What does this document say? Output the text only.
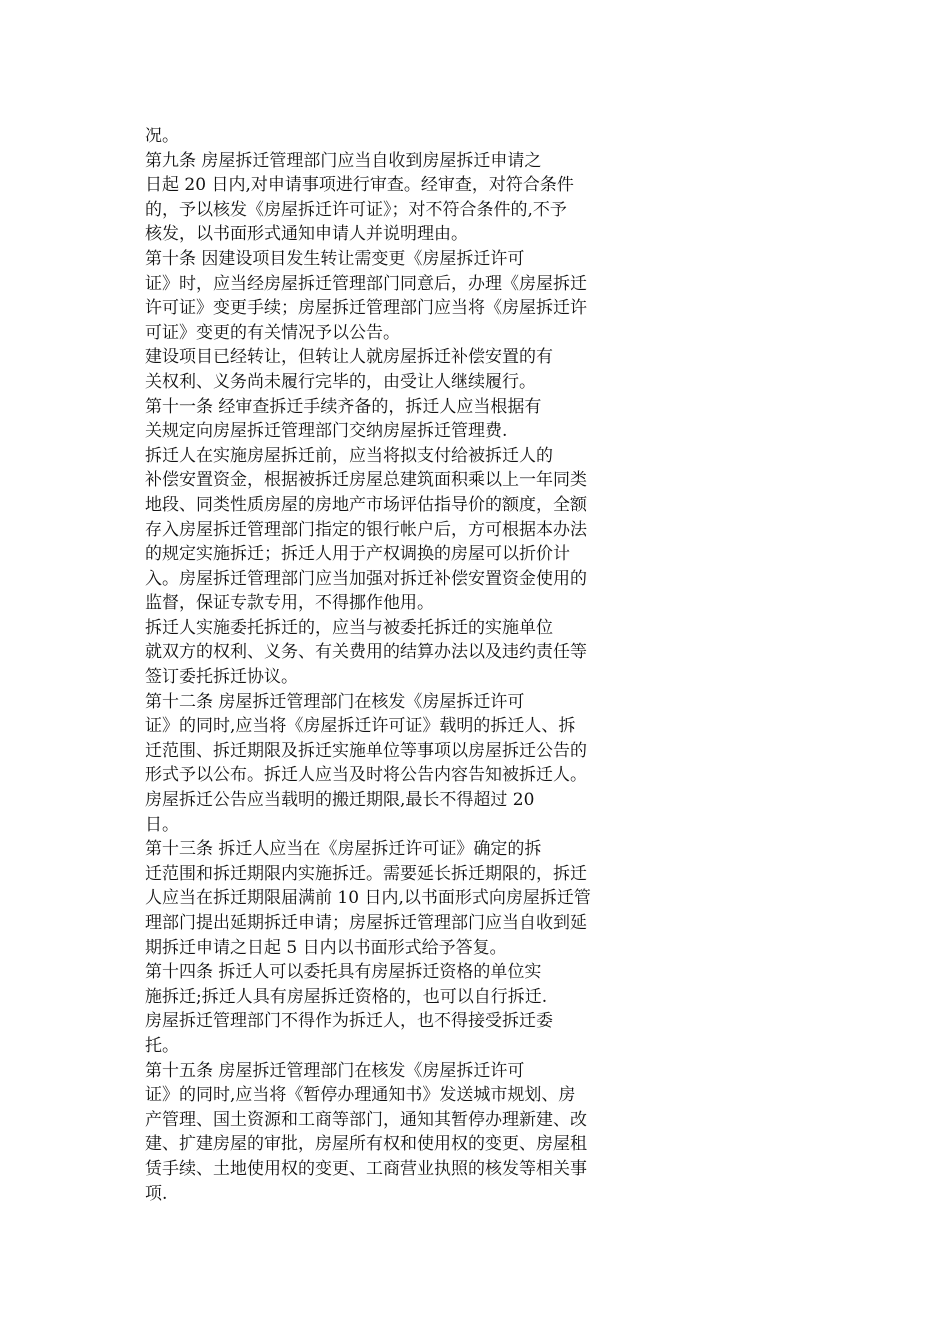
况。
第九条 房屋拆迁管理部门应当自收到房屋拆迁申请之
日起 20 日内,对申请事项进行审查。经审查，对符合条件
的，予以核发《房屋拆迁许可证》；对不符合条件的,不予
核发，以书面形式通知申请人并说明理由。
第十条 因建设项目发生转让需变更《房屋拆迁许可
证》时，应当经房屋拆迁管理部门同意后，办理《房屋拆迁
许可证》变更手续；房屋拆迁管理部门应当将《房屋拆迁许
可证》变更的有关情况予以公告。
建设项目已经转让，但转让人就房屋拆迁补偿安置的有
关权利、义务尚未履行完毕的，由受让人继续履行。
第十一条 经审查拆迁手续齐备的，拆迁人应当根据有
关规定向房屋拆迁管理部门交纳房屋拆迁管理费.
拆迁人在实施房屋拆迁前，应当将拟支付给被拆迁人的
补偿安置资金，根据被拆迁房屋总建筑面积乘以上一年同类
地段、同类性质房屋的房地产市场评估指导价的额度，全额
存入房屋拆迁管理部门指定的银行帐户后，方可根据本办法
的规定实施拆迁；拆迁人用于产权调换的房屋可以折价计
入。房屋拆迁管理部门应当加强对拆迁补偿安置资金使用的
监督，保证专款专用，不得挪作他用。
拆迁人实施委托拆迁的，应当与被委托拆迁的实施单位
就双方的权利、义务、有关费用的结算办法以及违约责任等
签订委托拆迁协议。
第十二条 房屋拆迁管理部门在核发《房屋拆迁许可
证》的同时,应当将《房屋拆迁许可证》载明的拆迁人、拆
迁范围、拆迁期限及拆迁实施单位等事项以房屋拆迁公告的
形式予以公布。拆迁人应当及时将公告内容告知被拆迁人。
房屋拆迁公告应当载明的搬迁期限,最长不得超过 20
日。
第十三条 拆迁人应当在《房屋拆迁许可证》确定的拆
迁范围和拆迁期限内实施拆迁。需要延长拆迁期限的，拆迁
人应当在拆迁期限届满前 10 日内,以书面形式向房屋拆迁管
理部门提出延期拆迁申请；房屋拆迁管理部门应当自收到延
期拆迁申请之日起 5 日内以书面形式给予答复。
第十四条 拆迁人可以委托具有房屋拆迁资格的单位实
施拆迁;拆迁人具有房屋拆迁资格的，也可以自行拆迁.
房屋拆迁管理部门不得作为拆迁人，也不得接受拆迁委
托。
第十五条 房屋拆迁管理部门在核发《房屋拆迁许可
证》的同时,应当将《暂停办理通知书》发送城市规划、房
产管理、国土资源和工商等部门，通知其暂停办理新建、改
建、扩建房屋的审批，房屋所有权和使用权的变更、房屋租
赁手续、土地使用权的变更、工商营业执照的核发等相关事
项.
